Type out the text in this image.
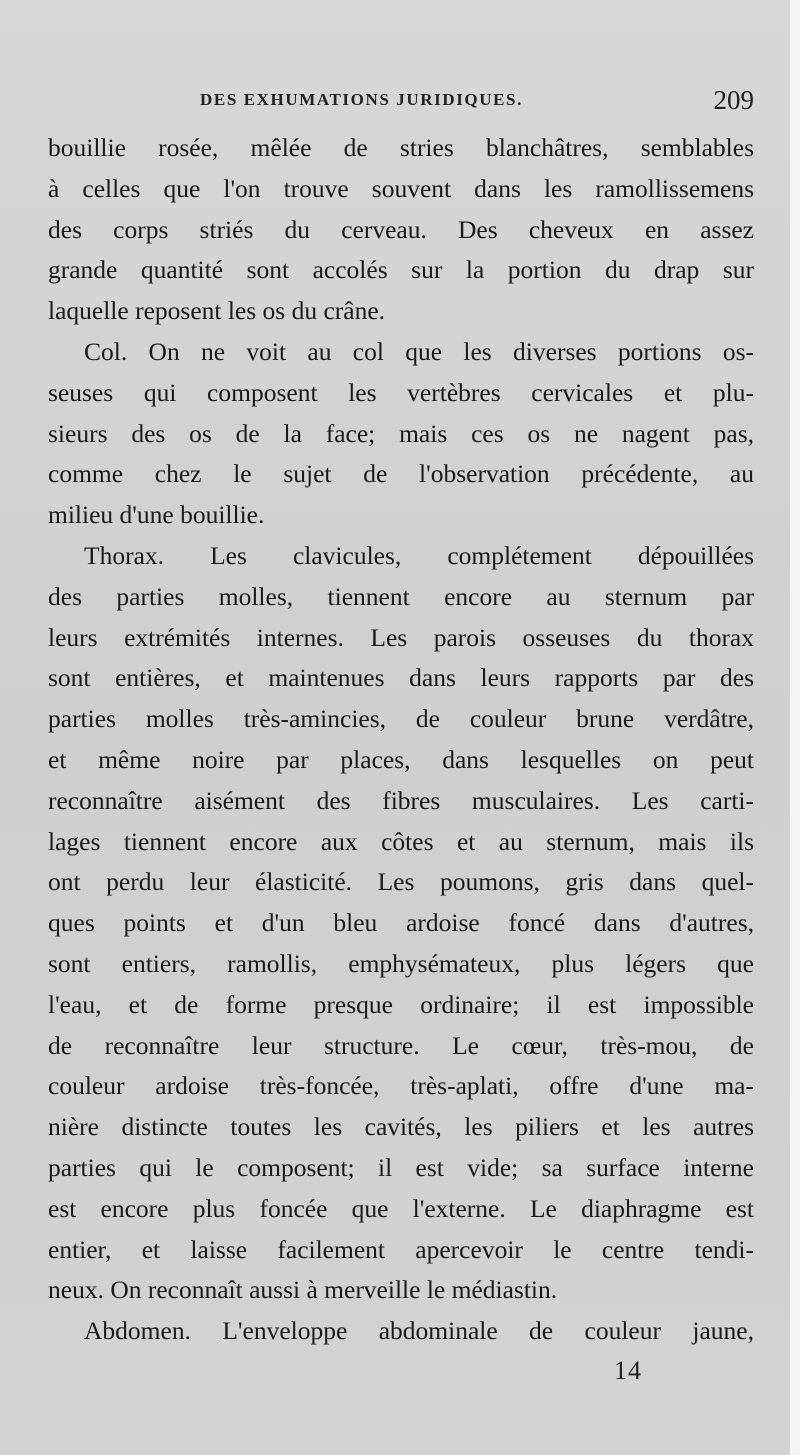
DES EXHUMATIONS JURIDIQUES.	209
bouillie rosée, mêlée de stries blanchâtres, semblables
à celles que l'on trouve souvent dans les ramollissemens
des corps striés du cerveau. Des cheveux en assez
grande quantité sont accolés sur la portion du drap sur
laquelle reposent les os du crâne.
Col. On ne voit au col que les diverses portions os-
seuses qui composent les vertèbres cervicales et plu-
sieurs des os de la face; mais ces os ne nagent pas,
comme chez le sujet de l'observation précédente, au
milieu d'une bouillie.
Thorax. Les clavicules, complétement dépouillées
des parties molles, tiennent encore au sternum par
leurs extrémités internes. Les parois osseuses du thorax
sont entières, et maintenues dans leurs rapports par des
parties molles très-amincies, de couleur brune verdâtre,
et même noire par places, dans lesquelles on peut
reconnaître aisément des fibres musculaires. Les carti-
lages tiennent encore aux côtes et au sternum, mais ils
ont perdu leur élasticité. Les poumons, gris dans quel-
ques points et d'un bleu ardoise foncé dans d'autres,
sont entiers, ramollis, emphysémateux, plus légers que
l'eau, et de forme presque ordinaire; il est impossible
de reconnaître leur structure. Le cœur, très-mou, de
couleur ardoise très-foncée, très-aplati, offre d'une ma-
nière distincte toutes les cavités, les piliers et les autres
parties qui le composent; il est vide; sa surface interne
est encore plus foncée que l'externe. Le diaphragme est
entier, et laisse facilement apercevoir le centre tendi-
neux. On reconnaît aussi à merveille le médiastin.
Abdomen. L'enveloppe abdominale de couleur jaune,
14
